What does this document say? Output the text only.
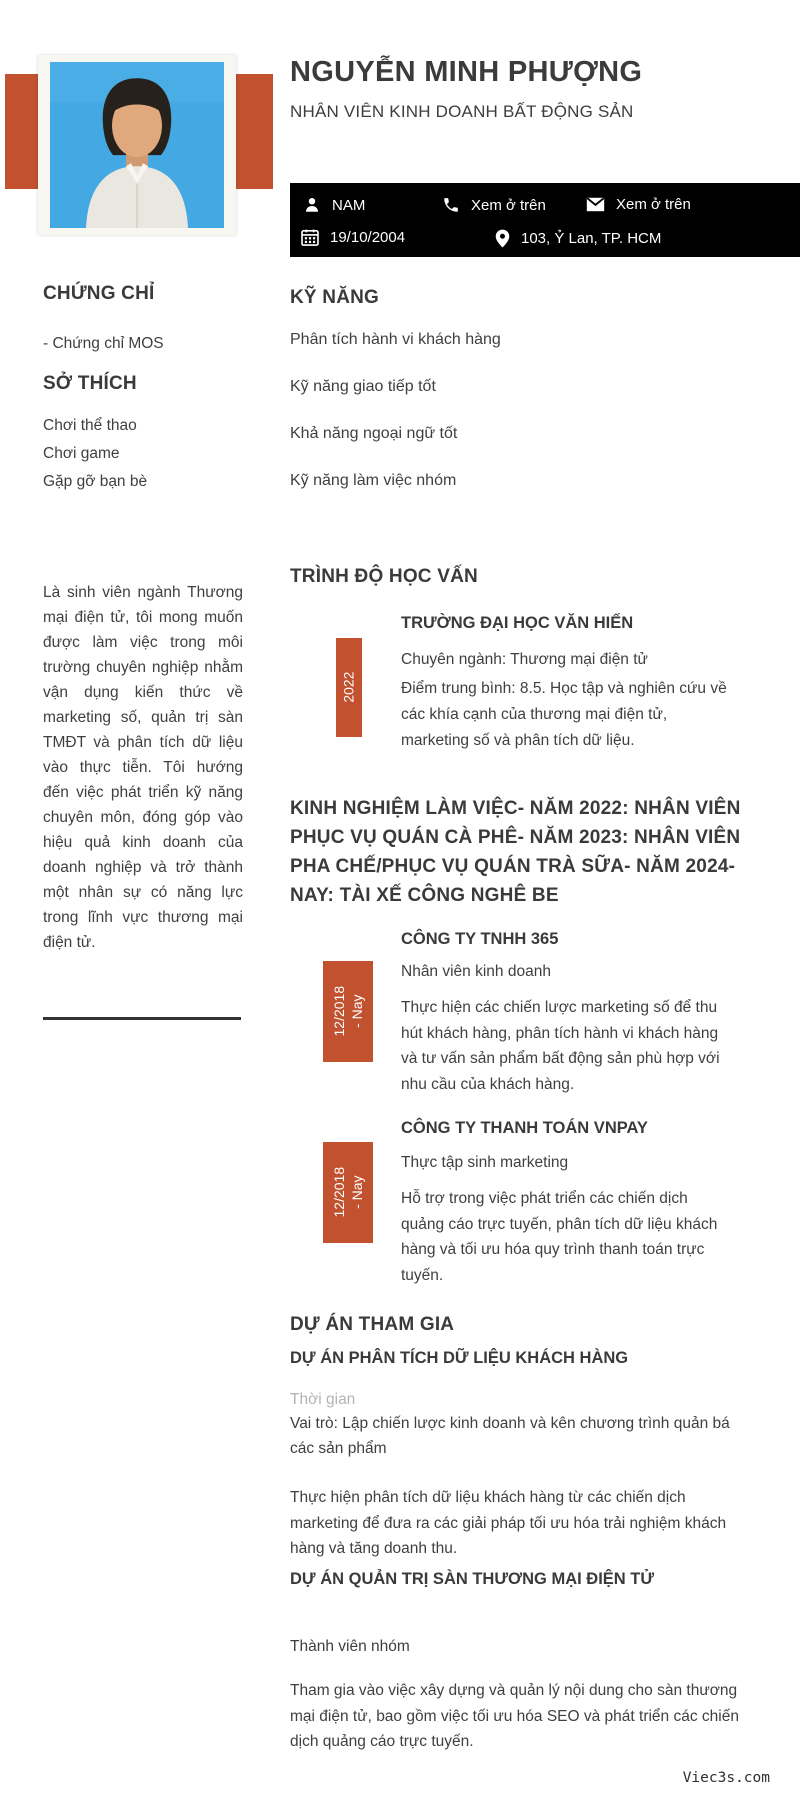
NGUYỄN MINH PHƯỢNG
NHÂN VIÊN KINH DOANH BẤT ĐỘNG SẢN
NAM	Xem ở trên	Xem ở trên
19/10/2004	103, Ỷ Lan, TP. HCM
CHỨNG CHỈ
- Chứng chỉ MOS
SỞ THÍCH
Chơi thể thao
Chơi game
Gặp gỡ bạn bè
Là sinh viên ngành Thương mại điện tử, tôi mong muốn được làm việc trong môi trường chuyên nghiệp nhằm vận dụng kiến thức về marketing số, quản trị sàn TMĐT và phân tích dữ liệu vào thực tiễn. Tôi hướng đến việc phát triển kỹ năng chuyên môn, đóng góp vào hiệu quả kinh doanh của doanh nghiệp và trở thành một nhân sự có năng lực trong lĩnh vực thương mại điện tử.
KỸ NĂNG
Phân tích hành vi khách hàng
Kỹ năng giao tiếp tốt
Khả năng ngoại ngữ tốt
Kỹ năng làm việc nhóm
TRÌNH ĐỘ HỌC VẤN
TRƯỜNG ĐẠI HỌC VĂN HIẾN
2022
Chuyên ngành: Thương mại điện tử
Điểm trung bình: 8.5. Học tập và nghiên cứu về các khía cạnh của thương mại điện tử, marketing số và phân tích dữ liệu.
KINH NGHIỆM LÀM VIỆC- NĂM 2022: NHÂN VIÊN PHỤC VỤ QUÁN CÀ PHÊ- NĂM 2023: NHÂN VIÊN PHA CHẾ/PHỤC VỤ QUÁN TRÀ SỮA- NĂM 2024- NAY: TÀI XẾ CÔNG NGHÊ BE
CÔNG TY TNHH 365
12/2018 - Nay
Nhân viên kinh doanh
Thực hiện các chiến lược marketing số để thu hút khách hàng, phân tích hành vi khách hàng và tư vấn sản phẩm bất động sản phù hợp với nhu cầu của khách hàng.
CÔNG TY THANH TOÁN VNPAY
12/2018 - Nay
Thực tập sinh marketing
Hỗ trợ trong việc phát triển các chiến dịch quảng cáo trực tuyến, phân tích dữ liệu khách hàng và tối ưu hóa quy trình thanh toán trực tuyến.
DỰ ÁN THAM GIA
DỰ ÁN PHÂN TÍCH DỮ LIỆU KHÁCH HÀNG
Thời gian
Vai trò: Lập chiến lược kinh doanh và kên chương trình quản bá các sản phẩm
Thực hiện phân tích dữ liệu khách hàng từ các chiến dịch marketing để đưa ra các giải pháp tối ưu hóa trải nghiệm khách hàng và tăng doanh thu.
DỰ ÁN QUẢN TRỊ SÀN THƯƠNG MẠI ĐIỆN TỬ
Thành viên nhóm
Tham gia vào việc xây dựng và quản lý nội dung cho sàn thương mại điện tử, bao gồm việc tối ưu hóa SEO và phát triển các chiến dịch quảng cáo trực tuyến.
Viec3s.com
